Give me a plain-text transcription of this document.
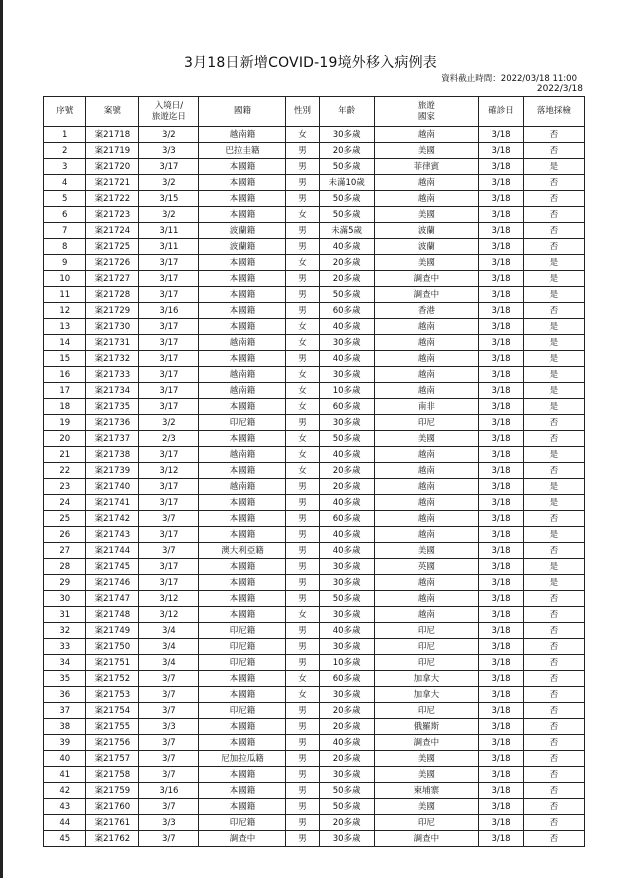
3月18日新增COVID-19境外移入病例表
資料截止時間：2022/03/18 11:00
2022/3/18
序號	案號	入境日/
旅遊迄日	國籍	性別	年齡	旅遊
國家	確診日	落地採檢
1	案21718	3/2	越南籍	女	30多歲	越南	3/18	否
2	案21719	3/3	巴拉圭籍	男	20多歲	美國	3/18	否
3	案21720	3/17	本國籍	男	50多歲	菲律賓	3/18	是
4	案21721	3/2	本國籍	男	未滿10歲	越南	3/18	否
5	案21722	3/15	本國籍	男	50多歲	越南	3/18	否
6	案21723	3/2	本國籍	女	50多歲	美國	3/18	否
7	案21724	3/11	波蘭籍	男	未滿5歲	波蘭	3/18	否
8	案21725	3/11	波蘭籍	男	40多歲	波蘭	3/18	否
9	案21726	3/17	本國籍	女	20多歲	美國	3/18	是
10	案21727	3/17	本國籍	男	20多歲	調查中	3/18	是
11	案21728	3/17	本國籍	男	50多歲	調查中	3/18	是
12	案21729	3/16	本國籍	男	60多歲	香港	3/18	否
13	案21730	3/17	本國籍	女	40多歲	越南	3/18	是
14	案21731	3/17	越南籍	女	30多歲	越南	3/18	是
15	案21732	3/17	本國籍	男	40多歲	越南	3/18	是
16	案21733	3/17	越南籍	女	30多歲	越南	3/18	是
17	案21734	3/17	越南籍	女	10多歲	越南	3/18	是
18	案21735	3/17	本國籍	女	60多歲	南非	3/18	是
19	案21736	3/2	印尼籍	男	30多歲	印尼	3/18	否
20	案21737	2/3	本國籍	女	50多歲	美國	3/18	否
21	案21738	3/17	越南籍	女	40多歲	越南	3/18	是
22	案21739	3/12	本國籍	女	20多歲	越南	3/18	否
23	案21740	3/17	越南籍	男	20多歲	越南	3/18	是
24	案21741	3/17	本國籍	男	40多歲	越南	3/18	是
25	案21742	3/7	本國籍	男	60多歲	越南	3/18	否
26	案21743	3/17	本國籍	男	40多歲	越南	3/18	是
27	案21744	3/7	澳大利亞籍	男	40多歲	美國	3/18	否
28	案21745	3/17	本國籍	男	30多歲	英國	3/18	是
29	案21746	3/17	本國籍	男	30多歲	越南	3/18	是
30	案21747	3/12	本國籍	男	50多歲	越南	3/18	否
31	案21748	3/12	本國籍	女	30多歲	越南	3/18	否
32	案21749	3/4	印尼籍	男	40多歲	印尼	3/18	否
33	案21750	3/4	印尼籍	男	30多歲	印尼	3/18	否
34	案21751	3/4	印尼籍	男	10多歲	印尼	3/18	否
35	案21752	3/7	本國籍	女	60多歲	加拿大	3/18	否
36	案21753	3/7	本國籍	女	30多歲	加拿大	3/18	否
37	案21754	3/7	印尼籍	男	20多歲	印尼	3/18	否
38	案21755	3/3	本國籍	男	20多歲	俄羅斯	3/18	否
39	案21756	3/7	本國籍	男	40多歲	調查中	3/18	否
40	案21757	3/7	尼加拉瓜籍	男	20多歲	美國	3/18	否
41	案21758	3/7	本國籍	男	30多歲	美國	3/18	否
42	案21759	3/16	本國籍	男	50多歲	柬埔寨	3/18	否
43	案21760	3/7	本國籍	男	50多歲	美國	3/18	否
44	案21761	3/3	印尼籍	男	20多歲	印尼	3/18	否
45	案21762	3/7	調查中	男	30多歲	調查中	3/18	否
